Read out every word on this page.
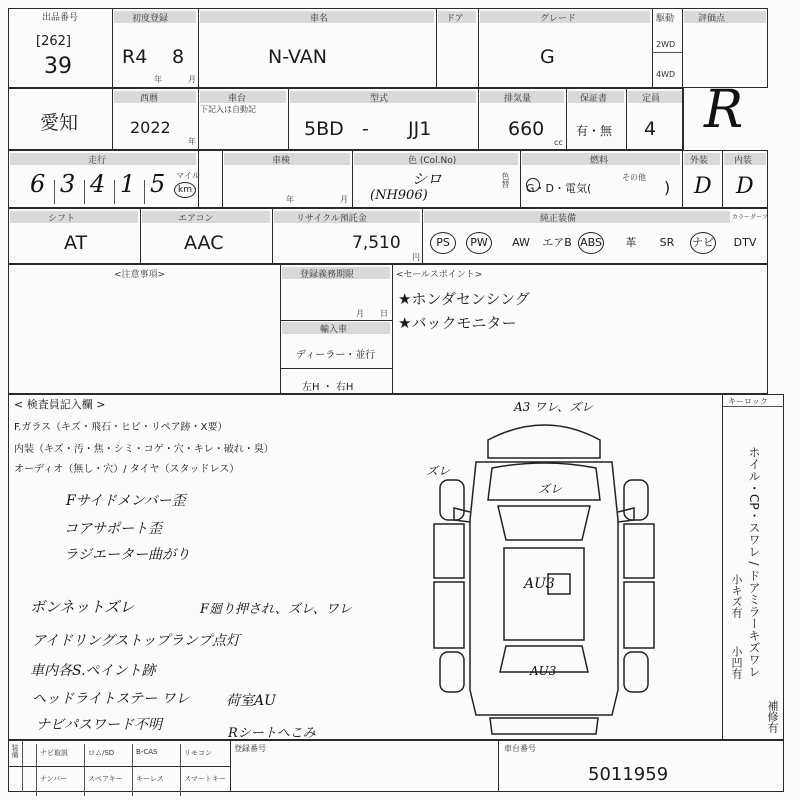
出品番号
[262]
39
初度登録
R4 8
年	月
車名
N-VAN
ドア	グレード
G
駆動
2WD
4WD
評価点
R
愛知
西暦
2022
年
車台
下記入は自動記
型式
5BD - JJ1
排気量
660
cc
保証書
有・無
定員
4
走行
6 3 4 1 5 マイル
km
車検
年	月
色 (Col.No)
シロ
(NH906)
色替
燃料
G・D・電気(
その他
)
外装
D
内装
D
シフト
AT
エアコン
AAC
リサイクル預託金
7,510
円
純正装備	カラーダーフ
PS	PW	AW	エアB ABS	革	SR	ナビ	DTV
<注意事項>	登録義務期限
月 日
輸入車
ディーラー・並行
左H ・ 右H
<セールスポイント>
★ホンダセンシング
★バックモニター
< 検査員記入欄 >
F.ガラス（キズ・飛石・ヒビ・リペア跡・X要）
内装（キズ・汚・焦・シミ・コゲ・穴・キレ・破れ・臭）
オーディオ（無し・穴）/ タイヤ（スタッドレス）
Fサイドメンバー歪
コアサポート歪
ラジエーター曲がり
ボンネットズレ	F廻り押され、ズレ、ワレ
アイドリングストップランプ点灯
車内各S.ペイント跡
ヘッドライトステー ワレ	荷室AU
ナビパスワード不明
Rシートへこみ
A3 ワレ、ズレ
ズレ
ズレ
AU3
AU3
キーロック
ホイル・CP・スワレ / ドアミラーキズワレ
小キズ有
小凹有
補修有
装備	ナビ取説	ロム/SD	B-CAS	リモコン
ナンバー	スペアキー キーレス	スマートキー
登録番号	車台番号
5011959
